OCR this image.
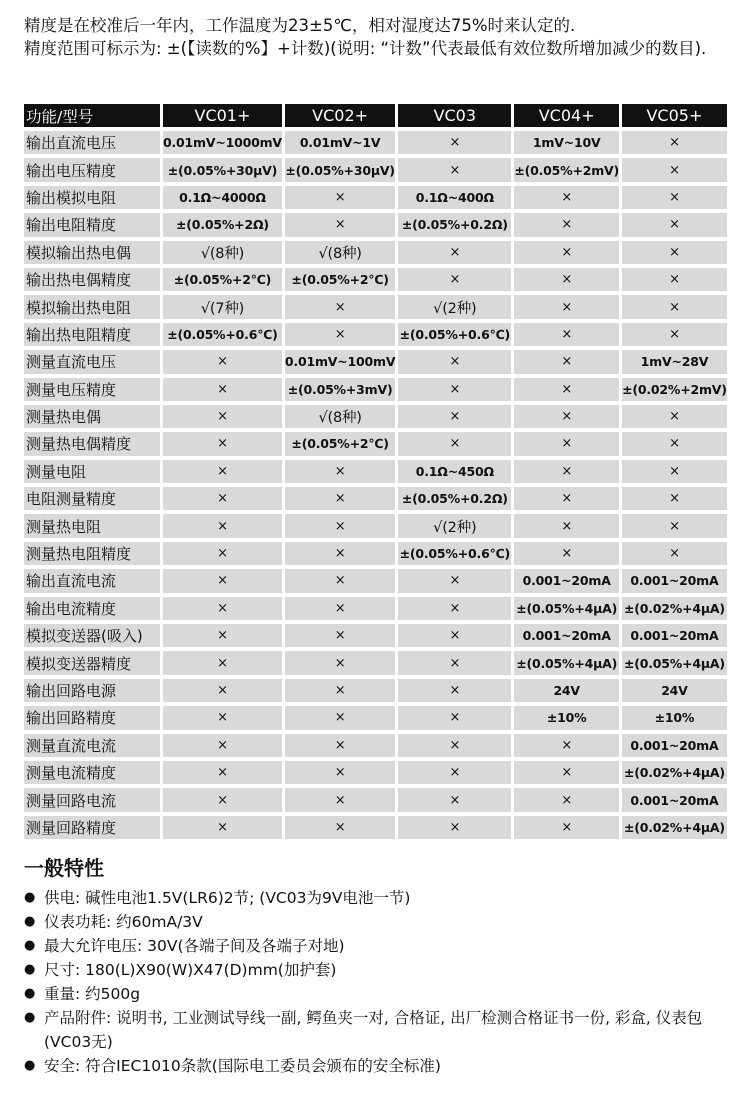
精度是在校准后一年内，工作温度为23±5℃，相对湿度达75%时来认定的.

精度范围可标示为: ±(【读数的%】+计数)(说明: “计数”代表最低有效位数所增加减少的数目).

功能/型号	VC01+	VC02+	VC03	VC04+	VC05+
输出直流电压	0.01mV~1000mV	0.01mV~1V	×	1mV~10V	×
输出电压精度	±(0.05%+30μV)	±(0.05%+30μV)	×	±(0.05%+2mV)	×
输出模拟电阻	0.1Ω~4000Ω	×	0.1Ω~400Ω	×	×
输出电阻精度	±(0.05%+2Ω)	×	±(0.05%+0.2Ω)	×	×
模拟输出热电偶	√(8种)	√(8种)	×	×	×
输出热电偶精度	±(0.05%+2℃)	±(0.05%+2℃)	×	×	×
模拟输出热电阻	√(7种)	×	√(2种)	×	×
输出热电阻精度	±(0.05%+0.6℃)	×	±(0.05%+0.6℃)	×	×
测量直流电压	×	0.01mV~100mV	×	×	1mV~28V
测量电压精度	×	±(0.05%+3mV)	×	×	±(0.02%+2mV)
测量热电偶	×	√(8种)	×	×	×
测量热电偶精度	×	±(0.05%+2℃)	×	×	×
测量电阻	×	×	0.1Ω~450Ω	×	×
电阻测量精度	×	×	±(0.05%+0.2Ω)	×	×
测量热电阻	×	×	√(2种)	×	×
测量热电阻精度	×	×	±(0.05%+0.6℃)	×	×
输出直流电流	×	×	×	0.001~20mA	0.001~20mA
输出电流精度	×	×	×	±(0.05%+4μA)	±(0.02%+4μA)
模拟变送器(吸入)	×	×	×	0.001~20mA	0.001~20mA
模拟变送器精度	×	×	×	±(0.05%+4μA)	±(0.05%+4μA)
输出回路电源	×	×	×	24V	24V
输出回路精度	×	×	×	±10%	±10%
测量直流电流	×	×	×	×	0.001~20mA
测量电流精度	×	×	×	×	±(0.02%+4μA)
测量回路电流	×	×	×	×	0.001~20mA
测量回路精度	×	×	×	×	±(0.02%+4μA)
一般特性
● 供电: 碱性电池1.5V(LR6)2节; (VC03为9V电池一节)
● 仪表功耗: 约60mA/3V
● 最大允许电压: 30V(各端子间及各端子对地)
● 尺寸: 180(L)X90(W)X47(D)mm(加护套)
● 重量: 约500g
● 产品附件: 说明书, 工业测试导线一副, 鳄鱼夹一对, 合格证, 出厂检测合格证书一份, 彩盒, 仪表包(VC03无)
● 安全: 符合IEC1010条款(国际电工委员会颁布的安全标准)
